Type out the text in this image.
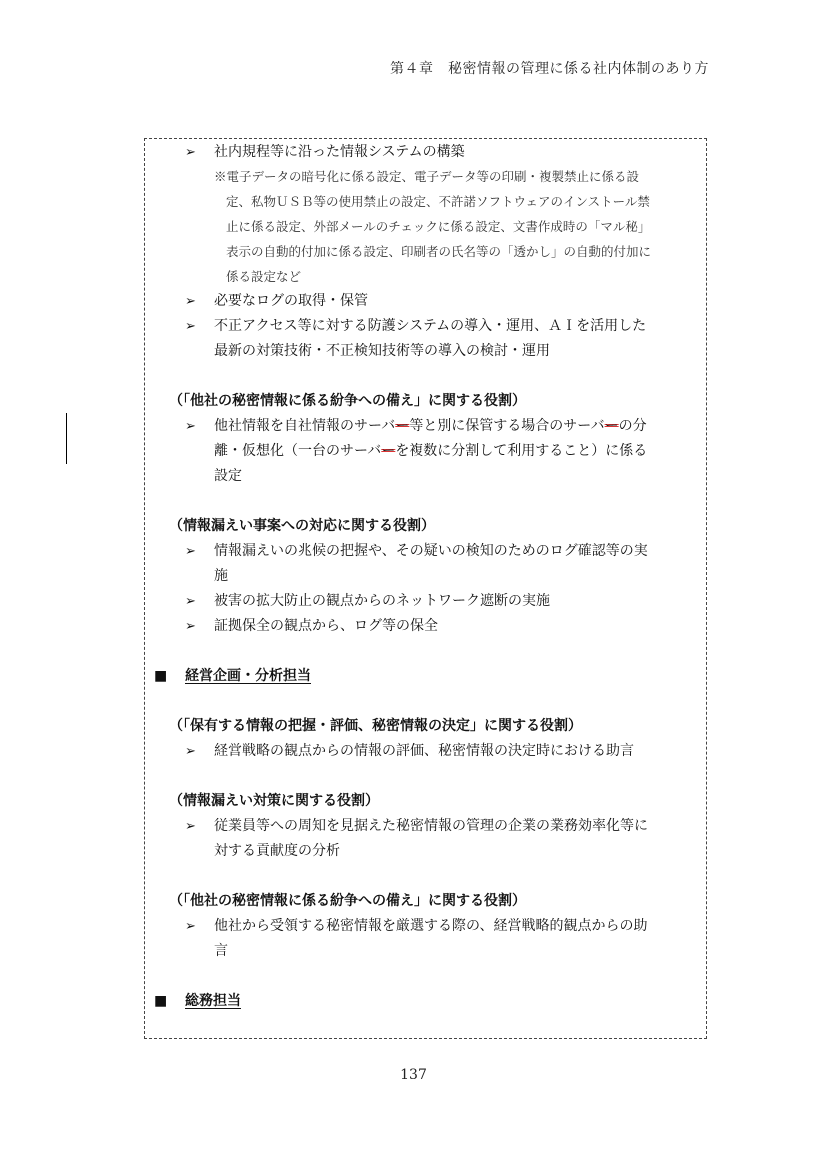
第４章　秘密情報の管理に係る社内体制のあり方
➢ 社内規程等に沿った情報システムの構築
※電子データの暗号化に係る設定、電子データ等の印刷・複製禁止に係る設
定、私物ＵＳＢ等の使用禁止の設定、不許諾ソフトウェアのインストール禁
止に係る設定、外部メールのチェックに係る設定、文書作成時の「マル秘」
表示の自動的付加に係る設定、印刷者の氏名等の「透かし」の自動的付加に
係る設定など
➢ 必要なログの取得・保管
➢ 不正アクセス等に対する防護システムの導入・運用、ＡＩを活用した
最新の対策技術・不正検知技術等の導入の検討・運用
（「他社の秘密情報に係る紛争への備え」に関する役割）
➢ 他社情報を自社情報のサーバー等と別に保管する場合のサーバーの分
離・仮想化（一台のサーバーを複数に分割して利用すること）に係る
設定
（情報漏えい事案への対応に関する役割）
➢ 情報漏えいの兆候の把握や、その疑いの検知のためのログ確認等の実
施
➢ 被害の拡大防止の観点からのネットワーク遮断の実施
➢ 証拠保全の観点から、ログ等の保全
■ 経営企画・分析担当
（「保有する情報の把握・評価、秘密情報の決定」に関する役割）
➢ 経営戦略の観点からの情報の評価、秘密情報の決定時における助言
（情報漏えい対策に関する役割）
➢ 従業員等への周知を見据えた秘密情報の管理の企業の業務効率化等に
対する貢献度の分析
（「他社の秘密情報に係る紛争への備え」に関する役割）
➢ 他社から受領する秘密情報を厳選する際の、経営戦略的観点からの助
言
■ 総務担当
137
